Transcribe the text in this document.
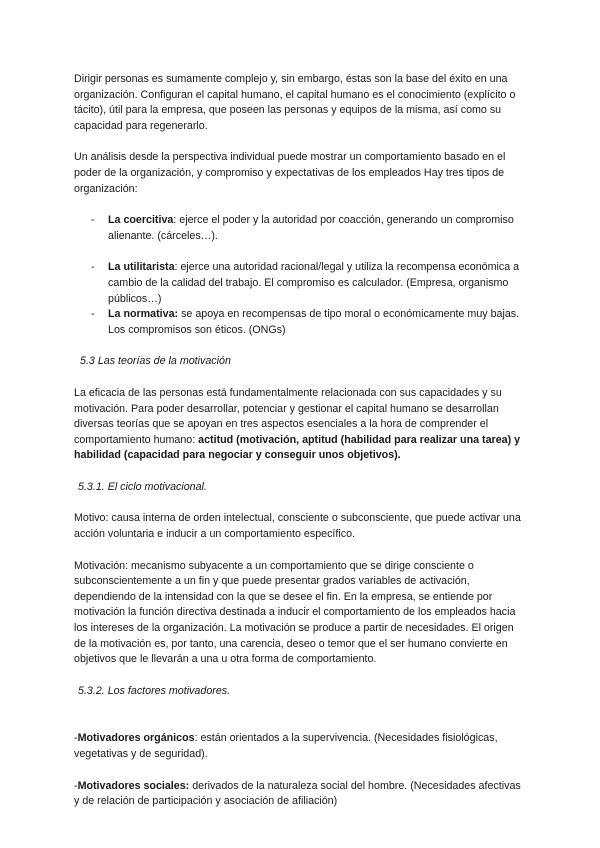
Dirigir personas es sumamente complejo y, sin embargo, éstas son la base del éxito en una organización. Configuran el capital humano, el capital humano es el conocimiento (explícito o tácito), útil para la empresa, que poseen las personas y equipos de la misma, así como su capacidad para regenerarlo.

Un análisis desde la perspectiva individual puede mostrar un comportamiento basado en el poder de la organización, y compromiso y expectativas de los empleados Hay tres tipos de organización:

- La coercitiva: ejerce el poder y la autoridad por coacción, generando un compromiso alienante. (cárceles…).
- La utilitarista: ejerce una autoridad racional/legal y utiliza la recompensa económica a cambio de la calidad del trabajo. El compromiso es calculador. (Empresa, organismo públicos…)
- La normativa: se apoya en recompensas de tipo moral o económicamente muy bajas. Los compromisos son éticos. (ONGs)

5.3 Las teorías de la motivación

La eficacia de las personas está fundamentalmente relacionada con sus capacidades y su motivación. Para poder desarrollar, potenciar y gestionar el capital humano se desarrollan diversas teorías que se apoyan en tres aspectos esenciales a la hora de comprender el comportamiento humano: actitud (motivación, aptitud (habilidad para realizar una tarea) y habilidad (capacidad para negociar y conseguir unos objetivos).

5.3.1. El ciclo motivacional.

Motivo: causa interna de orden intelectual, consciente o subconsciente, que puede activar una acción voluntaria e inducir a un comportamiento específico.

Motivación: mecanismo subyacente a un comportamiento que se dirige consciente o subconscientemente a un fin y que puede presentar grados variables de activación, dependiendo de la intensidad con la que se desee el fin. En la empresa, se entiende por motivación la función directiva destinada a inducir el comportamiento de los empleados hacia los intereses de la organización. La motivación se produce a partir de necesidades. El origen de la motivación es, por tanto, una carencia, deseo o temor que el ser humano convierte en objetivos que le llevarán a una u otra forma de comportamiento.

5.3.2. Los factores motivadores.

-Motivadores orgánicos: están orientados a la supervivencia. (Necesidades fisiológicas, vegetativas y de seguridad).

-Motivadores sociales: derivados de la naturaleza social del hombre. (Necesidades afectivas y de relación de participación y asociación de afiliación)
